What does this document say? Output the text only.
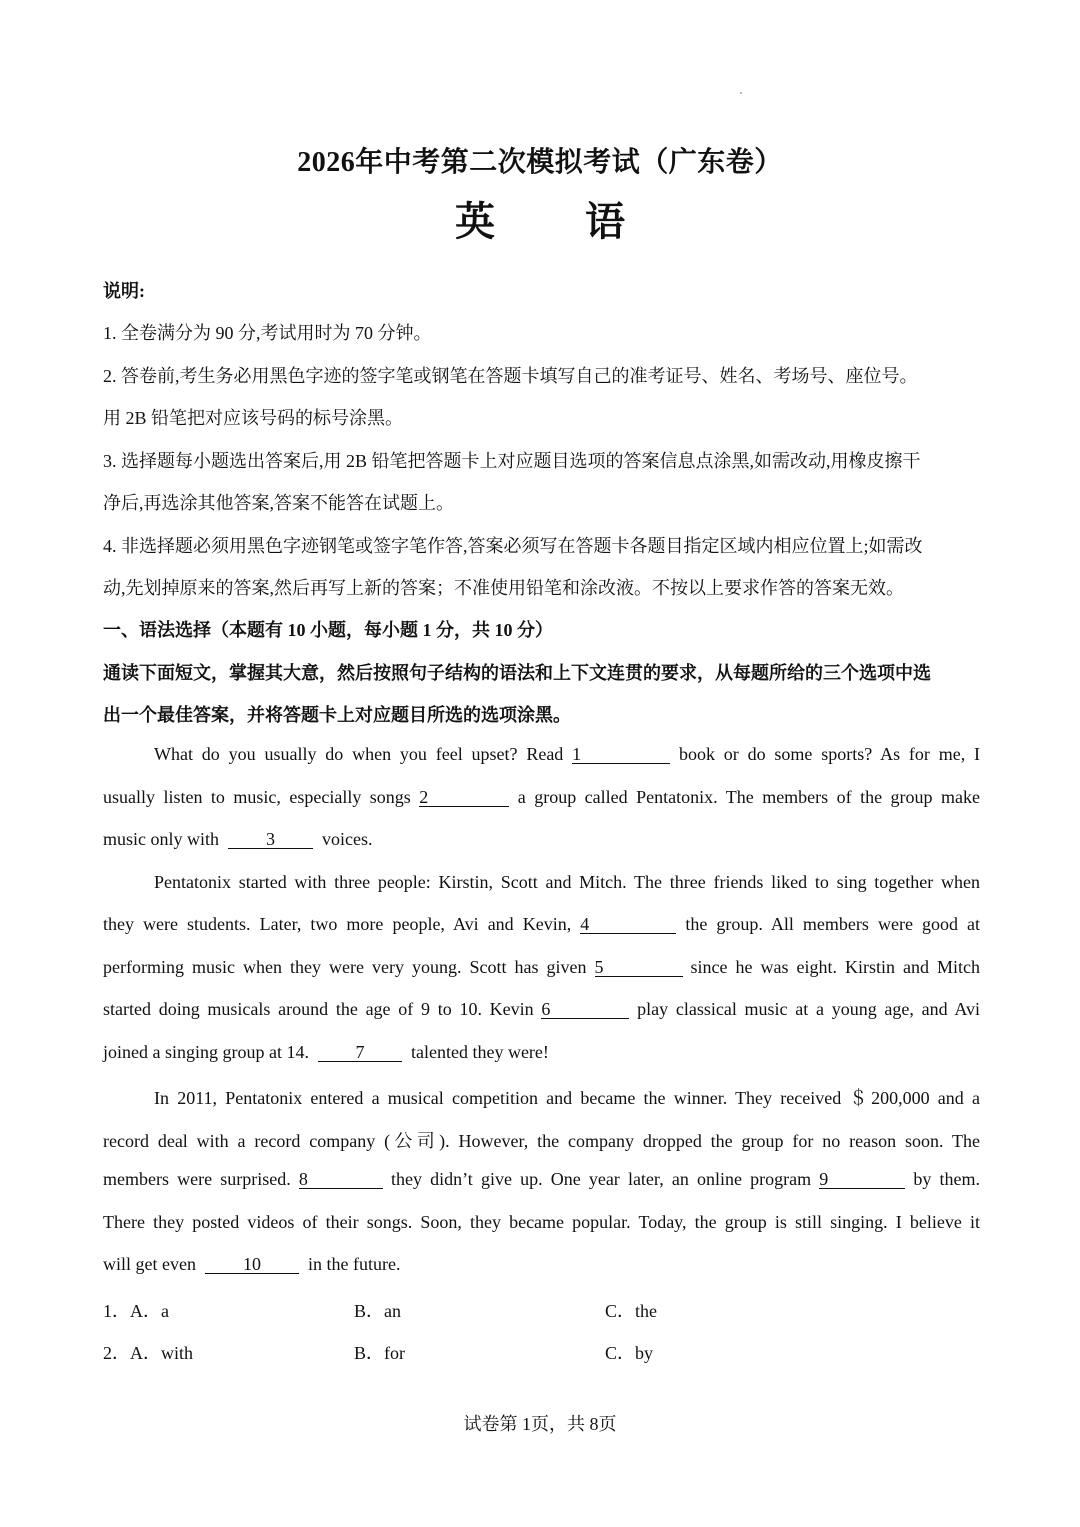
2026年中考第二次模拟考试（广东卷）
英 语
说明:
1. 全卷满分为 90 分,考试用时为 70 分钟。
2. 答卷前,考生务必用黑色字迹的签字笔或钢笔在答题卡填写自己的准考证号、姓名、考场号、座位号。
用 2B 铅笔把对应该号码的标号涂黑。
3. 选择题每小题选出答案后,用 2B 铅笔把答题卡上对应题目选项的答案信息点涂黑,如需改动,用橡皮擦干
净后,再选涂其他答案,答案不能答在试题上。
4. 非选择题必须用黑色字迹钢笔或签字笔作答,答案必须写在答题卡各题目指定区域内相应位置上;如需改
动,先划掉原来的答案,然后再写上新的答案；不准使用铅笔和涂改液。不按以上要求作答的答案无效。
一、语法选择（本题有 10 小题，每小题 1 分，共 10 分）
通读下面短文，掌握其大意，然后按照句子结构的语法和上下文连贯的要求，从每题所给的三个选项中选
出一个最佳答案，并将答题卡上对应题目所选的选项涂黑。
What do you usually do when you feel upset? Read 1	book or do some sports? As for me, I
usually listen to music, especially songs 2	a group called Pentatonix. The members of the group make
music only with	3	voices.
Pentatonix started with three people: Kirstin, Scott and Mitch. The three friends liked to sing together when
they were students. Later, two more people, Avi and Kevin, 4	the group. All members were good at
performing music when they were very young. Scott has given 5	since he was eight. Kirstin and Mitch
started doing musicals around the age of 9 to 10. Kevin 6	play classical music at a young age, and Avi
joined a singing group at 14.	7	talented they were!
In 2011, Pentatonix entered a musical competition and became the winner. They received ＄200,000 and a
record deal with a record company (公司). However, the company dropped the group for no reason soon. The
members were surprised. 8	they didn’t give up. One year later, an online program 9	by them.
There they posted videos of their songs. Soon, they became popular. Today, the group is still singing. I believe it
will get even	10	in the future.
1．A．a	B．an	C．the
2．A．with	B．for	C．by
试卷第 1页，共 8页
